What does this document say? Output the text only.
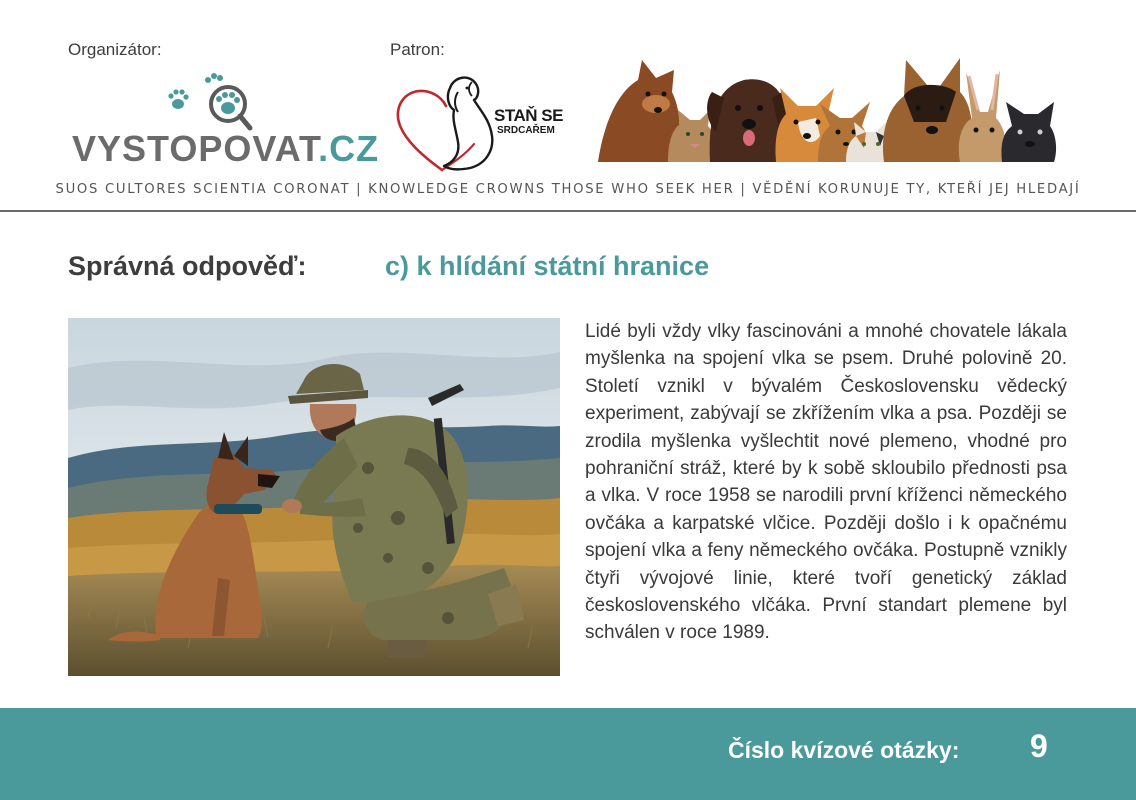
Organizátor:	Patron:
VYSTOPOVAT.CZ
STAŇ SE
SRDCAŘEM
SUOS CULTORES SCIENTIA CORONAT | KNOWLEDGE CROWNS THOSE WHO SEEK HER | VĚDĚNÍ KORUNUJE TY, KTEŘÍ JEJ HLEDAJÍ
Správná odpověď:	c) k hlídání státní hranice
Lidé byli vždy vlky fascinováni a mnohé chovatele lákala myšlenka na spojení vlka se psem. Druhé polovině 20. Století vznikl v bývalém Československu vědecký experiment, zabývají se zkřížením vlka a psa. Později se zrodila myšlenka vyšlechtit nové plemeno, vhodné pro pohraniční stráž, které by k sobě skloubilo přednosti psa a vlka. V roce 1958 se narodili první kříženci německého ovčáka a karpatské vlčice. Později došlo i k opačnému spojení vlka a feny německého ovčáka. Postupně vznikly čtyři vývojové linie, které tvoří genetický základ československého vlčáka. První standart plemene byl schválen v roce 1989.
Číslo kvízové otázky: 9
